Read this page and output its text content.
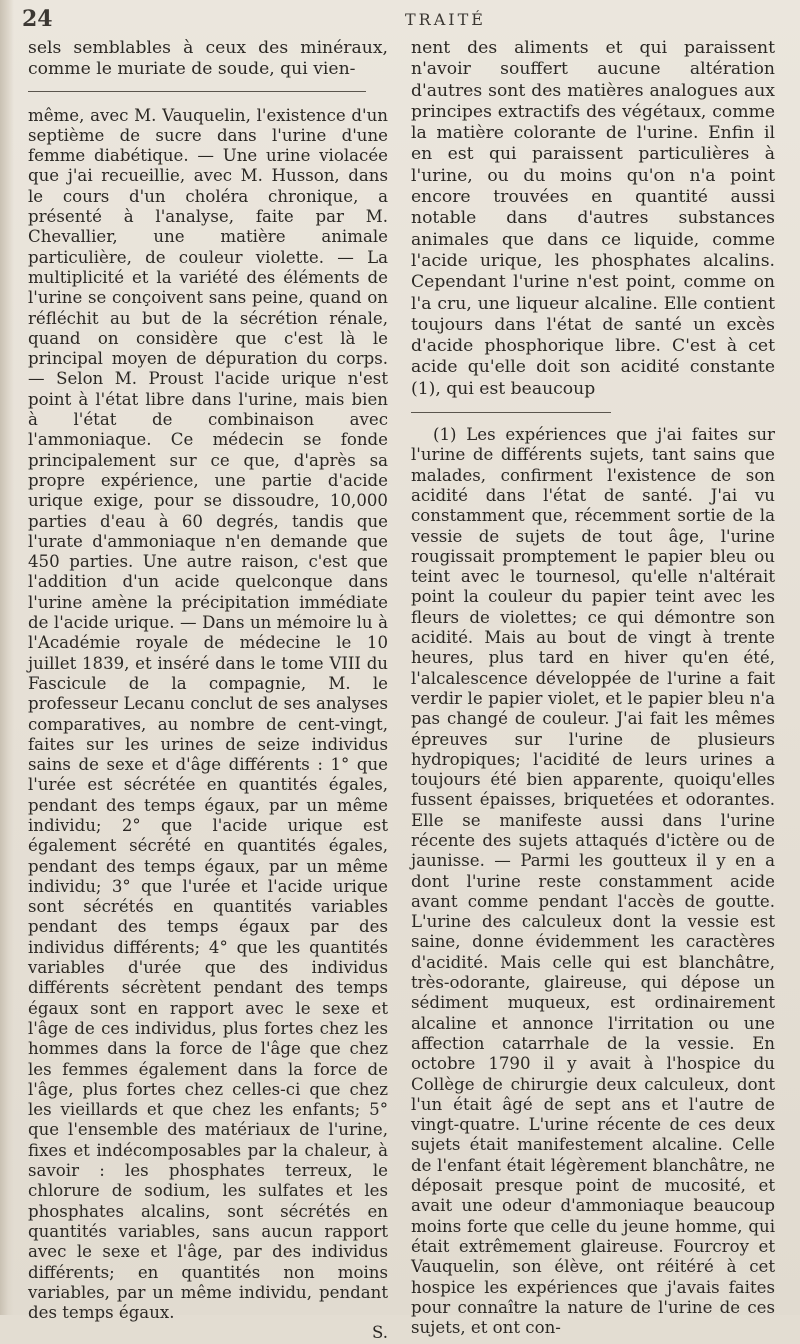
24	TRAITÉ

sels semblables à ceux des minéraux, comme le muriate de soude, qui vien-

même, avec M. Vauquelin, l'existence d'un septième de sucre dans l'urine d'une femme diabétique. — Une urine violacée que j'ai recueillie, avec M. Husson, dans le cours d'un choléra chronique, a présenté à l'analyse, faite par M. Chevallier, une matière animale particulière, de couleur violette. — La multiplicité et la variété des éléments de l'urine se conçoivent sans peine, quand on réfléchit au but de la sécrétion rénale, quand on considère que c'est là le principal moyen de dépuration du corps. — Selon M. Proust l'acide urique n'est point à l'état libre dans l'urine, mais bien à l'état de combinaison avec l'ammoniaque. Ce médecin se fonde principalement sur ce que, d'après sa propre expérience, une partie d'acide urique exige, pour se dissoudre, 10,000 parties d'eau à 60 degrés, tandis que l'urate d'ammoniaque n'en demande que 450 parties. Une autre raison, c'est que l'addition d'un acide quelconque dans l'urine amène la précipitation immédiate de l'acide urique. — Dans un mémoire lu à l'Académie royale de médecine le 10 juillet 1839, et inséré dans le tome VIII du Fascicule de la compagnie, M. le professeur Lecanu conclut de ses analyses comparatives, au nombre de cent-vingt, faites sur les urines de seize individus sains de sexe et d'âge différents : 1° que l'urée est sécrétée en quantités égales, pendant des temps égaux, par un même individu; 2° que l'acide urique est également sécrété en quantités égales, pendant des temps égaux, par un même individu; 3° que l'urée et l'acide urique sont sécrétés en quantités variables pendant des temps égaux par des individus différents; 4° que les quantités variables d'urée que des individus différents sécrètent pendant des temps égaux sont en rapport avec le sexe et l'âge de ces individus, plus fortes chez les hommes dans la force de l'âge que chez les femmes également dans la force de l'âge, plus fortes chez celles-ci que chez les vieillards et que chez les enfants; 5° que l'ensemble des matériaux de l'urine, fixes et indécomposables par la chaleur, à savoir : les phosphates terreux, le chlorure de sodium, les sulfates et les phosphates alcalins, sont sécrétés en quantités variables, sans aucun rapport avec le sexe et l'âge, par des individus différents; en quantités non moins variables, par un même individu, pendant des temps égaux.

S.

nent des aliments et qui paraissent n'avoir souffert aucune altération d'autres sont des matières analogues aux principes extractifs des végétaux, comme la matière colorante de l'urine. Enfin il en est qui paraissent particulières à l'urine, ou du moins qu'on n'a point encore trouvées en quantité aussi notable dans d'autres substances animales que dans ce liquide, comme l'acide urique, les phosphates alcalins. Cependant l'urine n'est point, comme on l'a cru, une liqueur alcaline. Elle contient toujours dans l'état de santé un excès d'acide phosphorique libre. C'est à cet acide qu'elle doit son acidité constante (1), qui est beaucoup

(1) Les expériences que j'ai faites sur l'urine de différents sujets, tant sains que malades, confirment l'existence de son acidité dans l'état de santé. J'ai vu constamment que, récemment sortie de la vessie de sujets de tout âge, l'urine rougissait promptement le papier bleu ou teint avec le tournesol, qu'elle n'altérait point la couleur du papier teint avec les fleurs de violettes; ce qui démontre son acidité. Mais au bout de vingt à trente heures, plus tard en hiver qu'en été, l'alcalescence développée de l'urine a fait verdir le papier violet, et le papier bleu n'a pas changé de couleur. J'ai fait les mêmes épreuves sur l'urine de plusieurs hydropiques; l'acidité de leurs urines a toujours été bien apparente, quoiqu'elles fussent épaisses, briquetées et odorantes. Elle se manifeste aussi dans l'urine récente des sujets attaqués d'ictère ou de jaunisse. — Parmi les goutteux il y en a dont l'urine reste constamment acide avant comme pendant l'accès de goutte. L'urine des calculeux dont la vessie est saine, donne évidemment les caractères d'acidité. Mais celle qui est blanchâtre, très-odorante, glaireuse, qui dépose un sédiment muqueux, est ordinairement alcaline et annonce l'irritation ou une affection catarrhale de la vessie. En octobre 1790 il y avait à l'hospice du Collège de chirurgie deux calculeux, dont l'un était âgé de sept ans et l'autre de vingt-quatre. L'urine récente de ces deux sujets était manifestement alcaline. Celle de l'enfant était légèrement blanchâtre, ne déposait presque point de mucosité, et avait une odeur d'ammoniaque beaucoup moins forte que celle du jeune homme, qui était extrêmement glaireuse. Fourcroy et Vauquelin, son élève, ont réitéré à cet hospice les expériences que j'avais faites pour connaître la nature de l'urine de ces sujets, et ont con-
